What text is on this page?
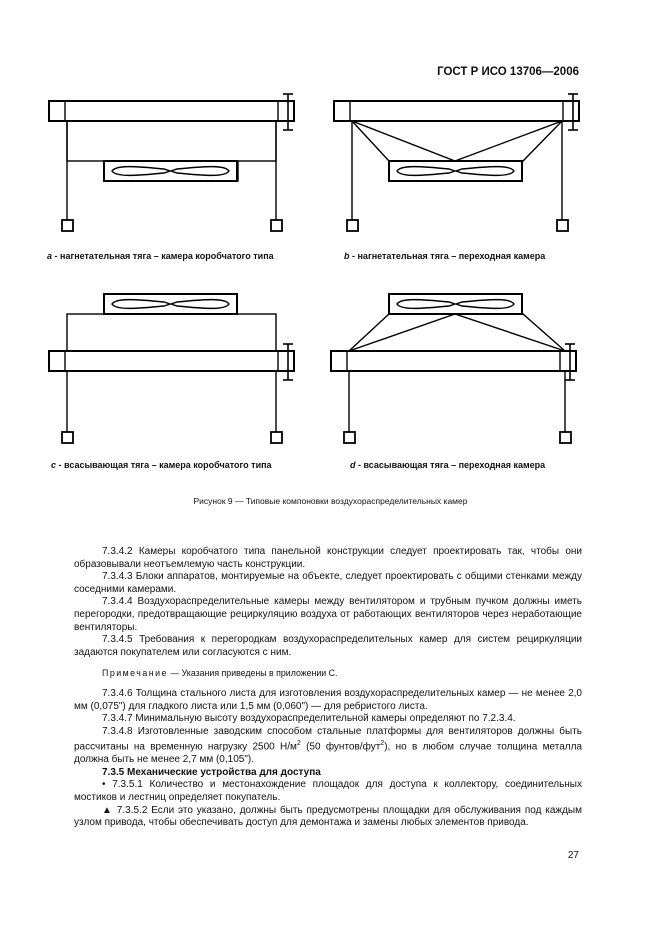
ГОСТ Р ИСО 13706—2006
a - нагнетательная тяга – камера коробчатого типа	b - нагнетательная тяга – переходная камера
c - всасывающая тяга – камера коробчатого типа	d - всасывающая тяга – переходная камера
Рисунок 9 — Типовые компоновки воздухораспределительных камер

7.3.4.2 Камеры коробчатого типа панельной конструкции следует проектировать так, чтобы они образовывали неотъемлемую часть конструкции.

7.3.4.3 Блоки аппаратов, монтируемые на объекте, следует проектировать с общими стенками между соседними камерами.

7.3.4.4 Воздухораспределительные камеры между вентилятором и трубным пучком должны иметь перегородки, предотвращающие рециркуляцию воздуха от работающих вентиляторов через неработающие вентиляторы.

7.3.4.5 Требования к перегородкам воздухораспределительных камер для систем рециркуляции задаются покупателем или согласуются с ним.

Примечание — Указания приведены в приложении С.

7.3.4.6 Толщина стального листа для изготовления воздухораспределительных камер — не менее 2,0 мм (0,075") для гладкого листа или 1,5 мм (0,060") — для ребристого листа.

7.3.4.7 Минимальную высоту воздухораспределительной камеры определяют по 7.2.3.4.

7.3.4.8 Изготовленные заводским способом стальные платформы для вентиляторов должны быть рассчитаны на временную нагрузку 2500 $Н/м^2$ (50 фунтов/фут$^2$), но в любом случае толщина металла должна быть не менее 2,7 мм (0,105").

7.3.5 Механические устройства для доступа

• 7.3.5.1 Количество и местонахождение площадок для доступа к коллектору, соединительных мостиков и лестниц определяет покупатель.

▲ 7.3.5.2 Если это указано, должны быть предусмотрены площадки для обслуживания под каждым узлом привода, чтобы обеспечивать доступ для демонтажа и замены любых элементов привода.

27
